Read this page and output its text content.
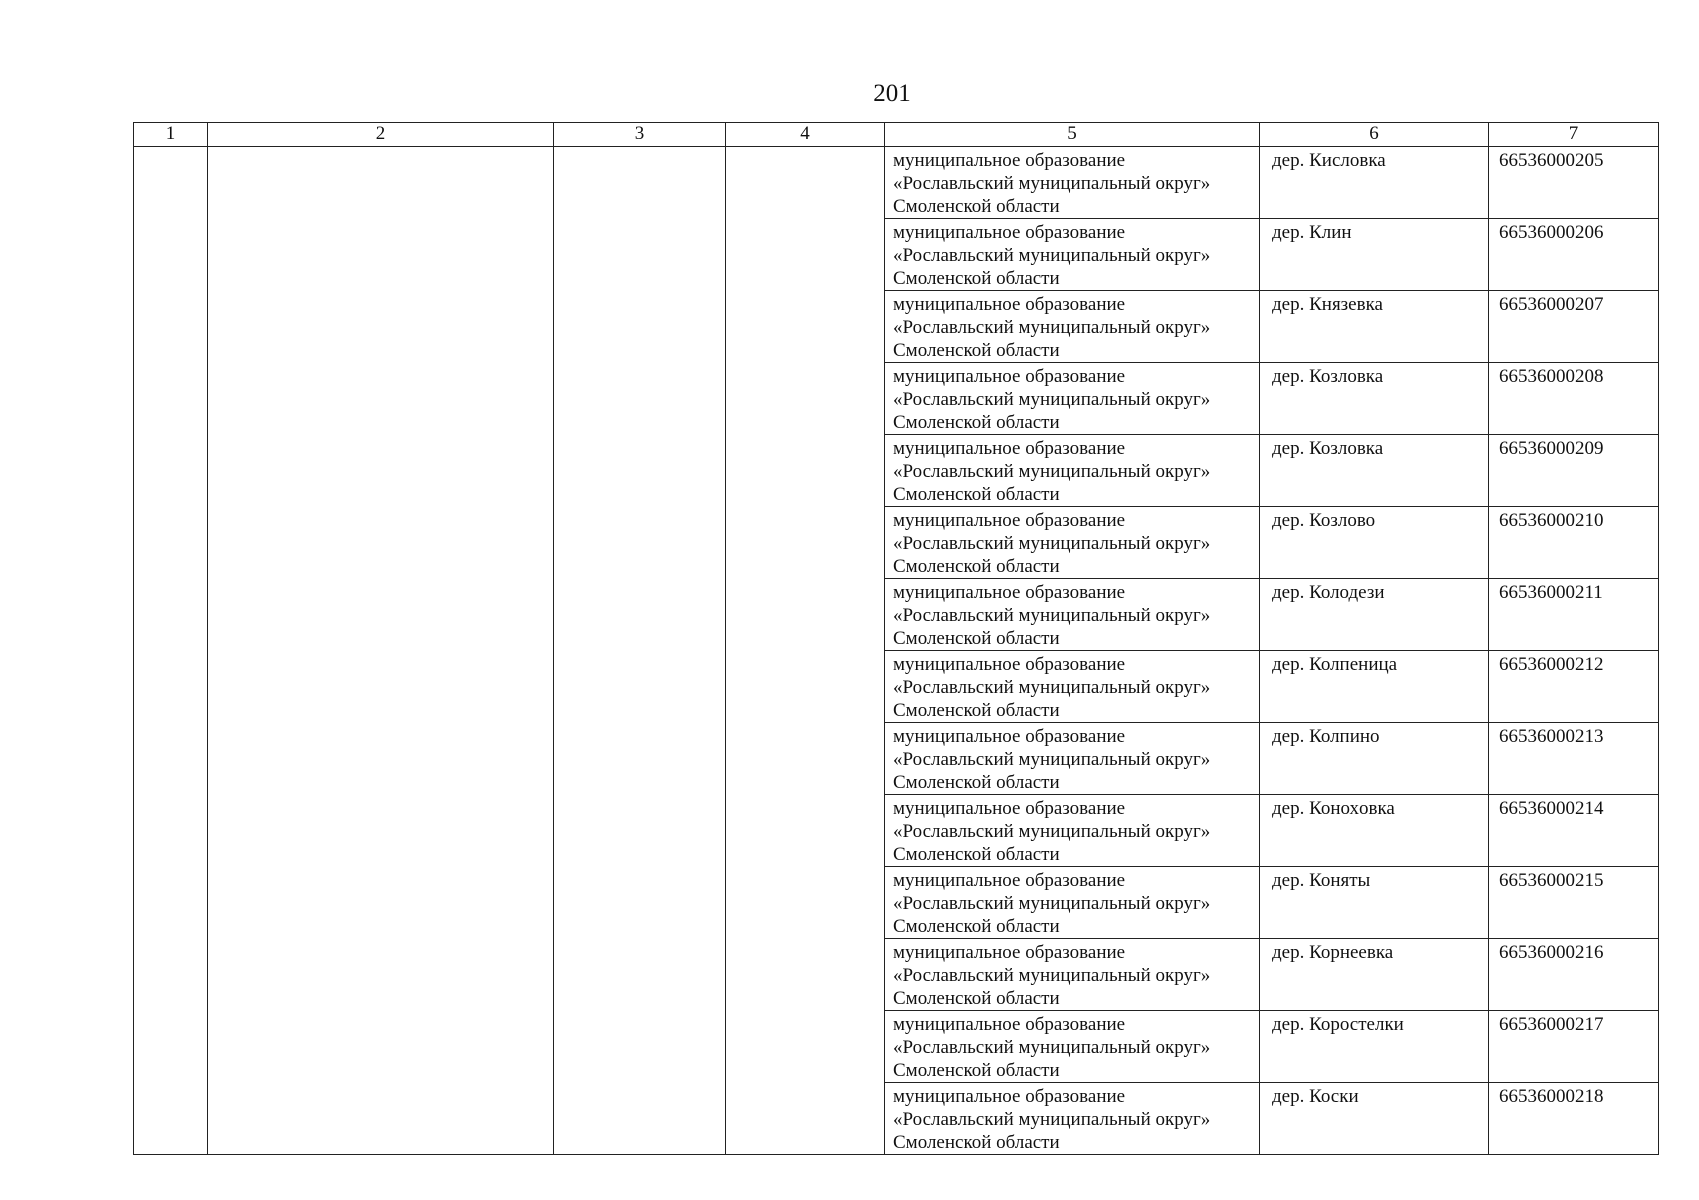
201
1	2	3	4	5	6	7

				муниципальное образование
«Рославльский муниципальный округ»
Смоленской области	дер. Кисловка	66536000205

				муниципальное образование
«Рославльский муниципальный округ»
Смоленской области	дер. Клин	66536000206

				муниципальное образование
«Рославльский муниципальный округ»
Смоленской области	дер. Князевка	66536000207

				муниципальное образование
«Рославльский муниципальный округ»
Смоленской области	дер. Козловка	66536000208

				муниципальное образование
«Рославльский муниципальный округ»
Смоленской области	дер. Козловка	66536000209

				муниципальное образование
«Рославльский муниципальный округ»
Смоленской области	дер. Козлово	66536000210

				муниципальное образование
«Рославльский муниципальный округ»
Смоленской области	дер. Колодези	66536000211

				муниципальное образование
«Рославльский муниципальный округ»
Смоленской области	дер. Колпеница	66536000212

				муниципальное образование
«Рославльский муниципальный округ»
Смоленской области	дер. Колпино	66536000213

				муниципальное образование
«Рославльский муниципальный округ»
Смоленской области	дер. Конохoвка	66536000214

				муниципальное образование
«Рославльский муниципальный округ»
Смоленской области	дер. Коняты	66536000215

				муниципальное образование
«Рославльский муниципальный округ»
Смоленской области	дер. Корнеевка	66536000216

				муниципальное образование
«Рославльский муниципальный округ»
Смоленской области	дер. Коростелки	66536000217

				муниципальное образование
«Рославльский муниципальный округ»
Смоленской области	дер. Коски	66536000218
